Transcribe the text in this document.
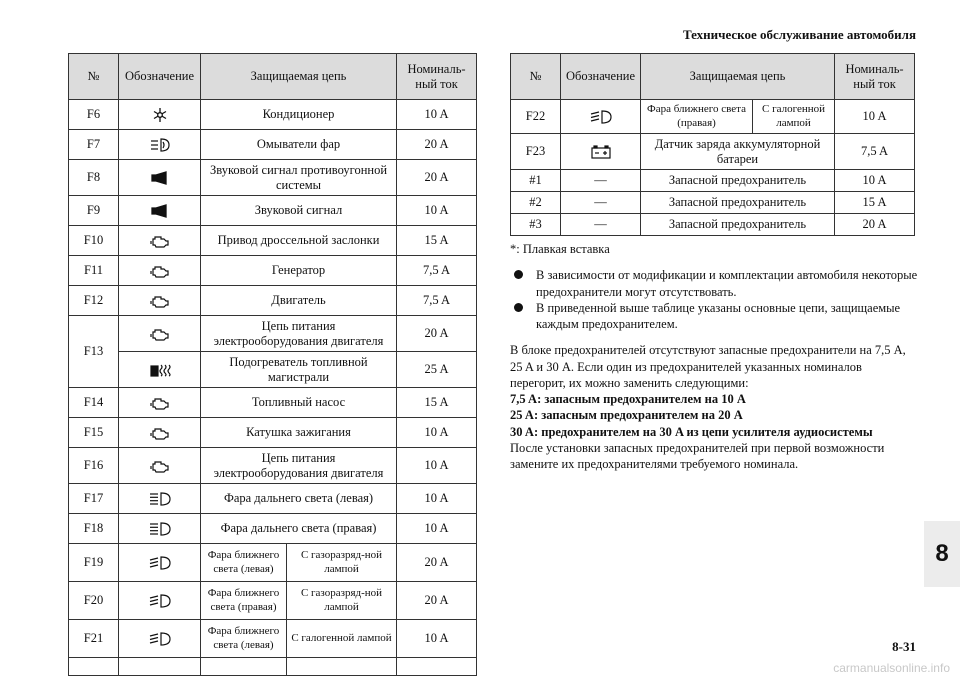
Техническое обслуживание автомобиля
№	Обозначение	Защищаемая цепь		Номиналь-ный ток
F6		Кондиционер		10 A
F7		Омыватели фар		20 A
F8		Звуковой сигнал противоугонной системы		20 A
F9		Звуковой сигнал		10 A
F10		Привод дроссельной заслонки		15 A
F11		Генератор		7,5 A
F12		Двигатель		7,5 A
F13		Цепь питания электрооборудования двигателя		20 A
	Подогреватель топливной магистрали		25 A
F14		Топливный насос		15 A
F15		Катушка зажигания		10 A
F16		Цепь питания электрооборудования двигателя		10 A
F17		Фара дальнего света (левая)		10 A
F18		Фара дальнего света (правая)		10 A
F19		Фара ближнего света (левая)	С газоразряд-ной лампой	20 A
F20		Фара ближнего света (правая)	С газоразряд-ной лампой	20 A
F21		Фара ближнего света (левая)	С галогенной лампой	10 A

№	Обозначение	Защищаемая цепь		Номиналь-ный ток
F22		Фара ближнего света (правая)	С галогенной лампой	10 A
F23		Датчик заряда аккумуляторной батареи		7,5 A
#1	—	Запасной предохранитель		10 A
#2	—	Запасной предохранитель		15 A
#3	—	Запасной предохранитель		20 A

*: Плавкая вставка

В зависимости от модификации и комплектации автомобиля некоторые предохранители могут отсутствовать.

В приведенной выше таблице указаны основные цепи, защищаемые каждым предохранителем.

В блоке предохранителей отсутствуют запасные предохранители на 7,5 A, 25 A и 30 A. Если один из предохранителей указанных номиналов перегорит, их можно заменить следующими:

7,5 A: запасным предохранителем на 10 A

25 A: запасным предохранителем на 20 A

30 A: предохранителем на 30 A из цепи усилителя аудиосистемы

После установки запасных предохранителей при первой возможности замените их предохранителями требуемого номинала.

8
8-31
carmanualsonline.info
